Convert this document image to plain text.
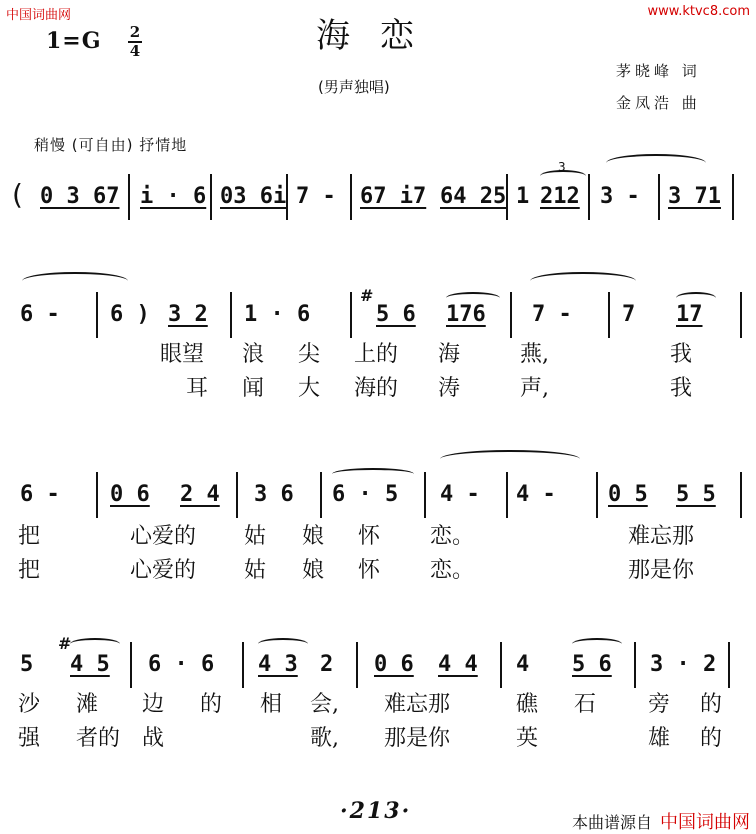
中国词曲网	www.ktvc8.com
1=G 2
4	海恋
茅晓峰 词
金凤浩 曲
(男声独唱)
稍慢 (可自由) 抒情地
( 0 3 67 i · 6 03 6i 7 - 67 i7 64 25 1
3
212 3 - 3 71
6 - 6 ) 3 2 1 · 6
#
5 6 176 7 - 7 17
眼望 浪 尖 上的 海	燕,	我
耳 闻 大 海的 涛	声,	我
6 - 0 6 2 4 3 6 6 · 5 4 - 4 - 0 5 5 5
把	心爱的 姑 娘 怀 恋。	难忘那
把	心爱的 姑 娘 怀 恋。	那是你
5
#
4 5 6 · 6 4 3 2 0 6 4 4 4 5 6 3 · 2
沙 滩 边 的 相 会, 难忘那	礁 石 旁 的
强 者的 战	歌, 那是你	英	雄 的
·213·	本曲谱源自 中国词曲网
